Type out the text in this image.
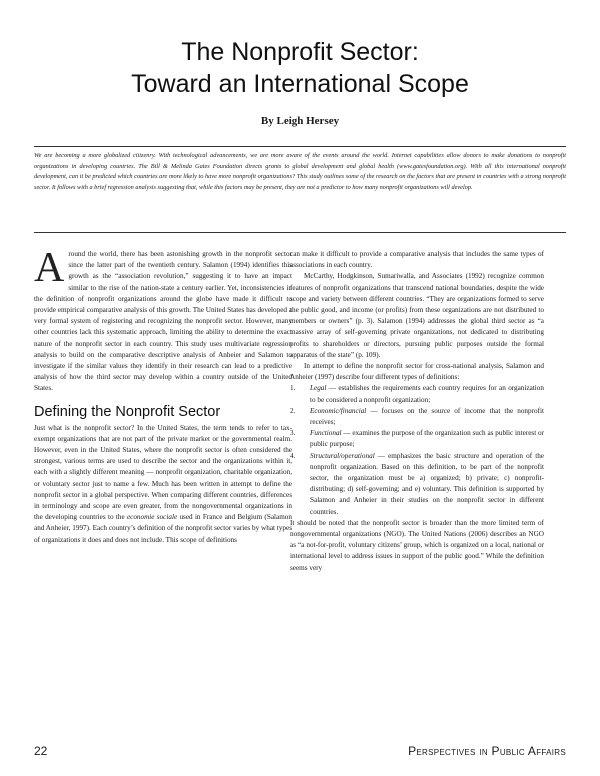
The Nonprofit Sector:
Toward an International Scope
By Leigh Hersey

We are becoming a more globalized citizenry. With technological advancements, we are more aware of the events around the world. Internet capabilities allow donors to make donations to nonprofit organizations in developing countries. The Bill & Melinda Gates Foundation directs grants to global development and global health (www.gatesfoundation.org). With all this international nonprofit development, can it be predicted which countries are more likely to have more nonprofit organizations? This study outlines some of the research on the factors that are present in countries with a strong nonprofit sector. It follows with a brief regression analysis suggesting that, while this factors may be present, they are not a predictor to how many nonprofit organizations will develop.

Around the world, there has been astonishing growth in the nonprofit sector since the latter part of the twentieth century. Salamon (1994) identifies this growth as the “association revolution,” suggesting it to have an impact similar to the rise of the nation-state a century earlier. Yet, inconsistencies in the definition of nonprofit organizations around the globe have made it difficult to provide empirical comparative analysis of this growth. The United States has developed a very formal system of registering and recognizing the nonprofit sector. However, many other countries lack this systematic approach, limiting the ability to determine the exact nature of the nonprofit sector in each country. This study uses multivariate regression analysis to build on the comparative descriptive analysis of Anheier and Salamon to investigate if the similar values they identify in their research can lead to a predictive analysis of how the third sector may develop within a country outside of the United States.

Defining the Nonprofit Sector

Just what is the nonprofit sector? In the United States, the term tends to refer to tax-exempt organizations that are not part of the private market or the governmental realm. However, even in the United States, where the nonprofit sector is often considered the strongest, various terms are used to describe the sector and the organizations within it, each with a slightly different meaning — nonprofit organization, charitable organization, or voluntary sector just to name a few. Much has been written in attempt to define the nonprofit sector in a global perspective. When comparing different countries, differences in terminology and scope are even greater, from the nongovernmental organizations in the developing countries to the economie sociale used in France and Belgium (Salamon and Anheier, 1997). Each country’s definition of the nonprofit sector varies by what types of organizations it does and does not include. This scope of definitions

can make it difficult to provide a comparative analysis that includes the same types of associations in each country.

McCarthy, Hodgkinson, Sumariwalla, and Associates (1992) recognize common features of nonprofit organizations that transcend national boundaries, despite the wide scope and variety between different countries. “They are organizations formed to serve the public good, and income (or profits) from these organizations are not distributed to members or owners” (p. 3). Salamon (1994) addresses the global third sector as “a massive array of self-governing private organizations, not dedicated to distributing profits to shareholders or directors, pursuing public purposes outside the formal apparatus of the state” (p. 109).

In attempt to define the nonprofit sector for cross-national analysis, Salamon and Anheier (1997) describe four different types of definitions:

1. Legal — establishes the requirements each country requires for an organization to be considered a nonprofit organization;
2. Economic/financial — focuses on the source of income that the nonprofit receives;
3. Functional — examines the purpose of the organization such as public interest or public purpose;
4. Structural/operational — emphasizes the basic structure and operation of the nonprofit organization. Based on this definition, to be part of the nonprofit sector, the organization must be a) organized; b) private; c) nonprofit-distributing; d) self-governing; and e) voluntary. This definition is supported by Salamon and Anheier in their studies on the nonprofit sector in different countries.

It should be noted that the nonprofit sector is broader than the more limited term of nongovernmental organizations (NGO). The United Nations (2006) describes an NGO as “a not-for-profit, voluntary citizens’ group, which is organized on a local, national or international level to address issues in support of the public good.” While the definition seems very

22	Perspectives in Public Affairs
